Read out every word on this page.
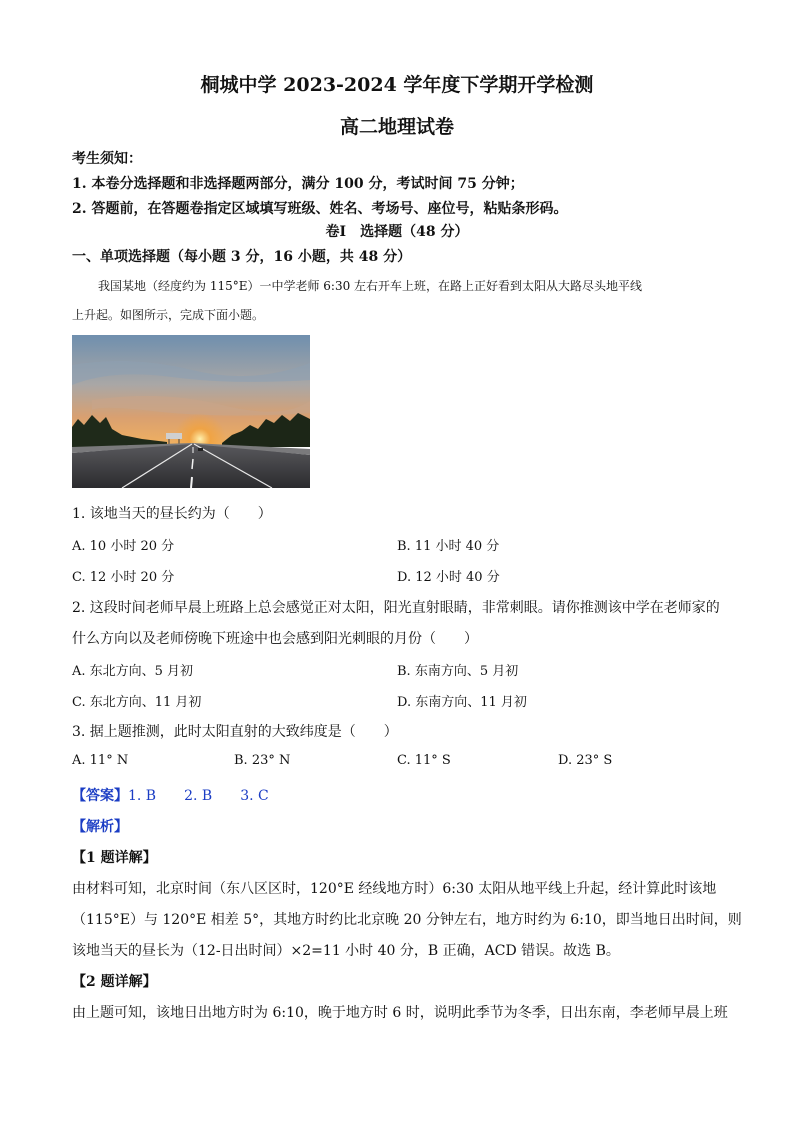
桐城中学 2023-2024 学年度下学期开学检测
高二地理试卷
考生须知：
1. 本卷分选择题和非选择题两部分，满分 100 分，考试时间 75 分钟；
2. 答题前，在答题卷指定区域填写班级、姓名、考场号、座位号，粘贴条形码。
卷Ⅰ　选择题（48 分）
一、单项选择题（每小题 3 分，16 小题，共 48 分）
我国某地（经度约为 115°E）一中学老师 6:30 左右开车上班，在路上正好看到太阳从大路尽头地平线
上升起。如图所示，完成下面小题。
1. 该地当天的昼长约为（　　）
A. 10 小时 20 分	B. 11 小时 40 分
C. 12 小时 20 分	D. 12 小时 40 分
2. 这段时间老师早晨上班路上总会感觉正对太阳，阳光直射眼睛，非常刺眼。请你推测该中学在老师家的
什么方向以及老师傍晚下班途中也会感到阳光刺眼的月份（　　）
A. 东北方向、5 月初	B. 东南方向、5 月初
C. 东北方向、11 月初	D. 东南方向、11 月初
3. 据上题推测，此时太阳直射的大致纬度是（　　）
A. 11° N	B. 23° N	C. 11° S	D. 23° S
【答案】1. B　　2. B　　3. C
【解析】
【1 题详解】
由材料可知，北京时间（东八区区时，120°E 经线地方时）6:30 太阳从地平线上升起，经计算此时该地
（115°E）与 120°E 相差 5°，其地方时约比北京晚 20 分钟左右，地方时约为 6:10，即当地日出时间，则
该地当天的昼长为（12-日出时间）×2=11 小时 40 分，B 正确，ACD 错误。故选 B。
【2 题详解】
由上题可知，该地日出地方时为 6:10，晚于地方时 6 时，说明此季节为冬季，日出东南，李老师早晨上班
